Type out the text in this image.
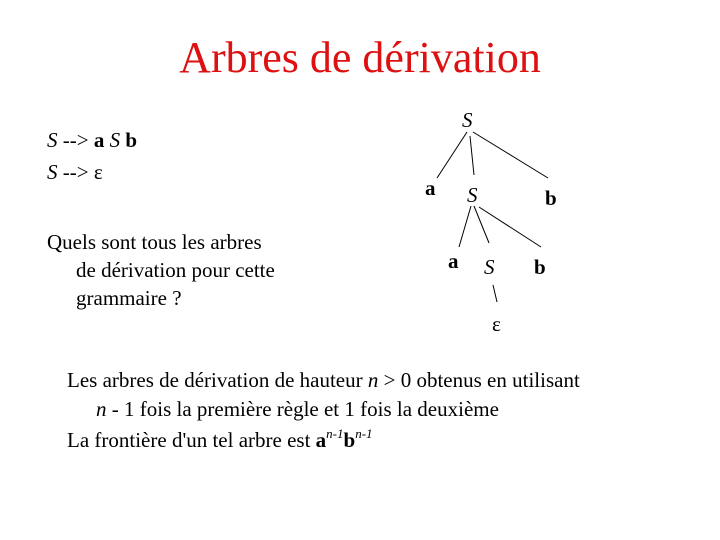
Arbres de dérivation
S --> a S b
S --> ε
Quels sont tous les arbres
de dérivation pour cette
grammaire ?
S
a S	b
a S b
ε
Les arbres de dérivation de hauteur n > 0 obtenus en utilisant
n - 1 fois la première règle et 1 fois la deuxième
La frontière d'un tel arbre est $a^{n-1}b^{n-1}$
